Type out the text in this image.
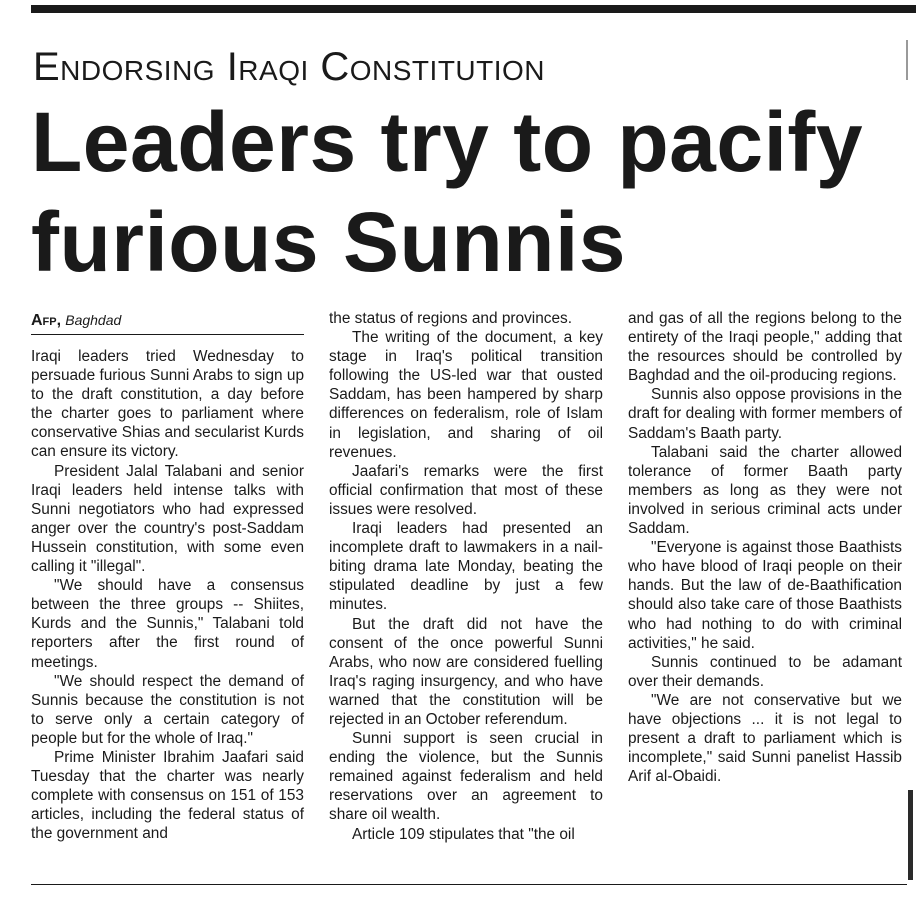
Endorsing Iraqi Constitution
Leaders try to pacify
furious Sunnis
Afp, Baghdad

Iraqi leaders tried Wednesday to persuade furious Sunni Arabs to sign up to the draft constitution, a day before the charter goes to parliament where conservative Shias and secularist Kurds can ensure its victory.

President Jalal Talabani and senior Iraqi leaders held intense talks with Sunni negotiators who had expressed anger over the country's post-Saddam Hussein constitution, with some even calling it "illegal".

"We should have a consensus between the three groups -- Shiites, Kurds and the Sunnis," Talabani told reporters after the first round of meetings.

"We should respect the demand of Sunnis because the constitution is not to serve only a certain category of people but for the whole of Iraq."

Prime Minister Ibrahim Jaafari said Tuesday that the charter was nearly complete with consensus on 151 of 153 articles, including the federal status of the government and

the status of regions and provinces.

The writing of the document, a key stage in Iraq's political transition following the US-led war that ousted Saddam, has been hampered by sharp differences on federalism, role of Islam in legislation, and sharing of oil revenues.

Jaafari's remarks were the first official confirmation that most of these issues were resolved.

Iraqi leaders had presented an incomplete draft to lawmakers in a nail-biting drama late Monday, beating the stipulated deadline by just a few minutes.

But the draft did not have the consent of the once powerful Sunni Arabs, who now are considered fuelling Iraq's raging insurgency, and who have warned that the constitution will be rejected in an October referendum.

Sunni support is seen crucial in ending the violence, but the Sunnis remained against federalism and held reservations over an agreement to share oil wealth.

Article 109 stipulates that "the oil

and gas of all the regions belong to the entirety of the Iraqi people," adding that the resources should be controlled by Baghdad and the oil-producing regions.

Sunnis also oppose provisions in the draft for dealing with former members of Saddam's Baath party.

Talabani said the charter allowed tolerance of former Baath party members as long as they were not involved in serious criminal acts under Saddam.

"Everyone is against those Baathists who have blood of Iraqi people on their hands. But the law of de-Baathification should also take care of those Baathists who had nothing to do with criminal activities," he said.

Sunnis continued to be adamant over their demands.

"We are not conservative but we have objections ... it is not legal to present a draft to parliament which is incomplete," said Sunni panelist Hassib Arif al-Obaidi.
